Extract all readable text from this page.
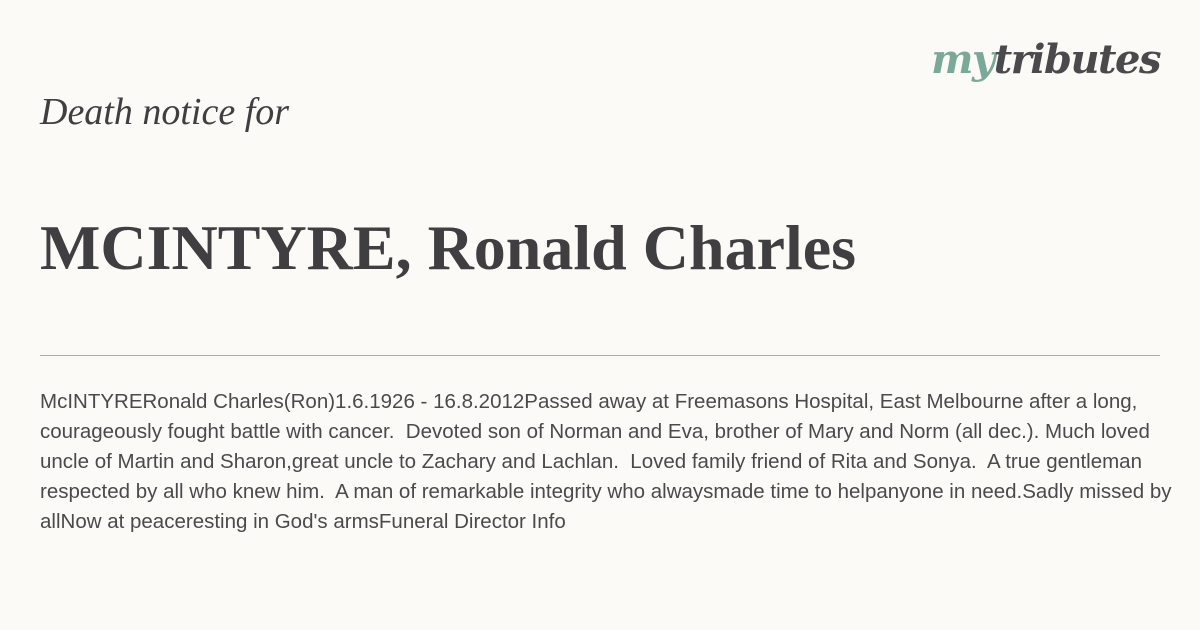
mytributes
Death notice for
MCINTYRE, Ronald Charles

McINTYRERonald Charles(Ron)1.6.1926 - 16.8.2012Passed away at Freemasons Hospital, East Melbourne after a long, courageously fought battle with cancer.  Devoted son of Norman and Eva, brother of Mary and Norm (all dec.). Much loved uncle of Martin and Sharon,great uncle to Zachary and Lachlan.  Loved family friend of Rita and Sonya.  A true gentleman respected by all who knew him.  A man of remarkable integrity who alwaysmade time to helpanyone in need.Sadly missed by allNow at peaceresting in God's armsFuneral Director Info
